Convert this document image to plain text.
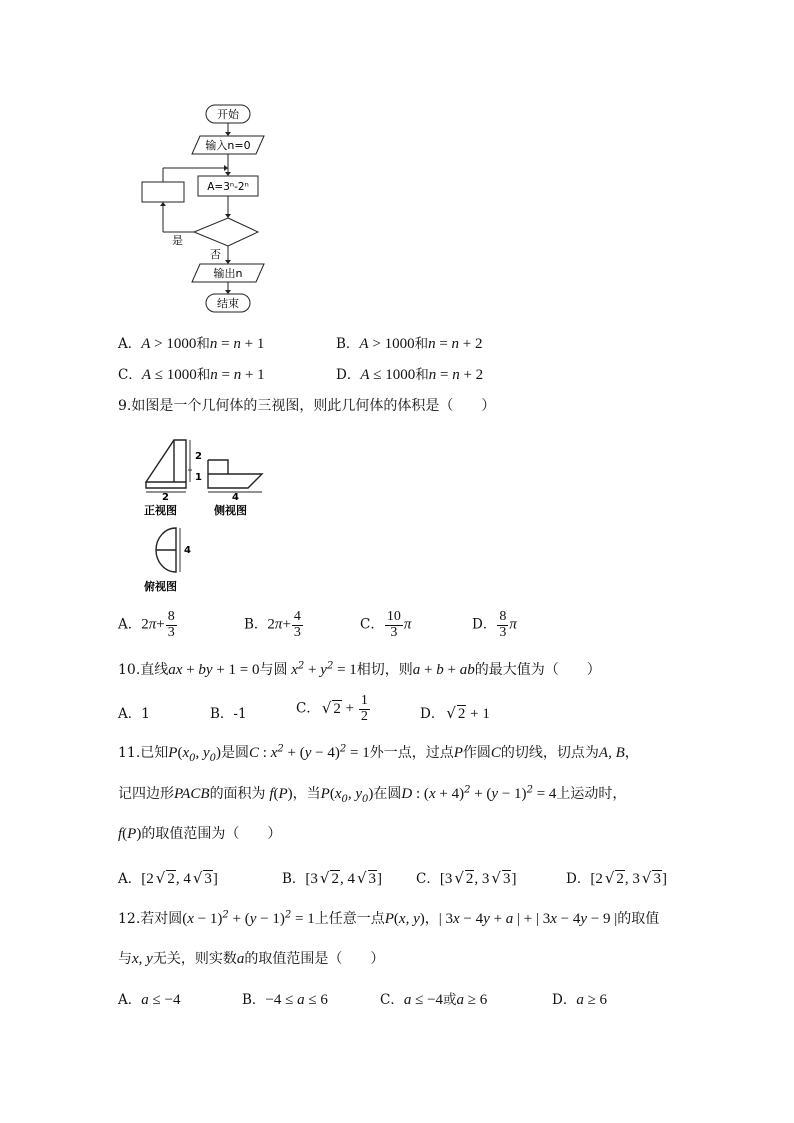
开始
输入n=0
A=3ⁿ-2ⁿ
是
否
输出n
结束
A．A > 1000和n = n + 1	B．A > 1000和n = n + 2
C．A ≤ 1000和n = n + 1	D．A ≤ 1000和n = n + 2
9.如图是一个几何体的三视图，则此几何体的体积是（　　）
2
1
2	4
正视图	侧视图
4
俯视图
A．$2\pi+ \frac{8}{3}$	B．$2\pi+ \frac{4}{3}$	C． $\frac{10}{3}$ π	D． $\frac{8}{3}$ π
10.直线ax + by + 1 = 0与圆 $x^2 + y^2 = 1$相切，则a + b + ab的最大值为（　　）
A．1	B．-1	C． √ $2 + \frac{1}{2}$	D． √ 2 + 1
11.已知$P(x_0$, $y_0$)是圆C : $x^2 + (y - 4)^2 = 1$外一点，过点P作圆C的切线，切点为A, B，
记四边形PACB的面积为 f(P)，当$P(x_0$, $y_0$)在圆D : $(x + 4)^2 + (y - 1)^2 = 4$上运动时，
f(P)的取值范围为（　　）
A．[2 √ 2, 4 √ 3]	B．[3 √ 2, 4 √ 3]	C．[3 √ 2, 3 √ 3]	D．[2 √ 2, 3 √ 3]
12.若对圆$(x - 1)^2 + (y - 1)^2 = 1$上任意一点P(x, y)，| 3x − 4y + a | + | 3x − 4y − 9 |的取值
与x, y无关，则实数a的取值范围是（　　）
A．a ≤ −4	B．−4 ≤ a ≤ 6	C．a ≤ −4或a ≥ 6	D．a ≥ 6
